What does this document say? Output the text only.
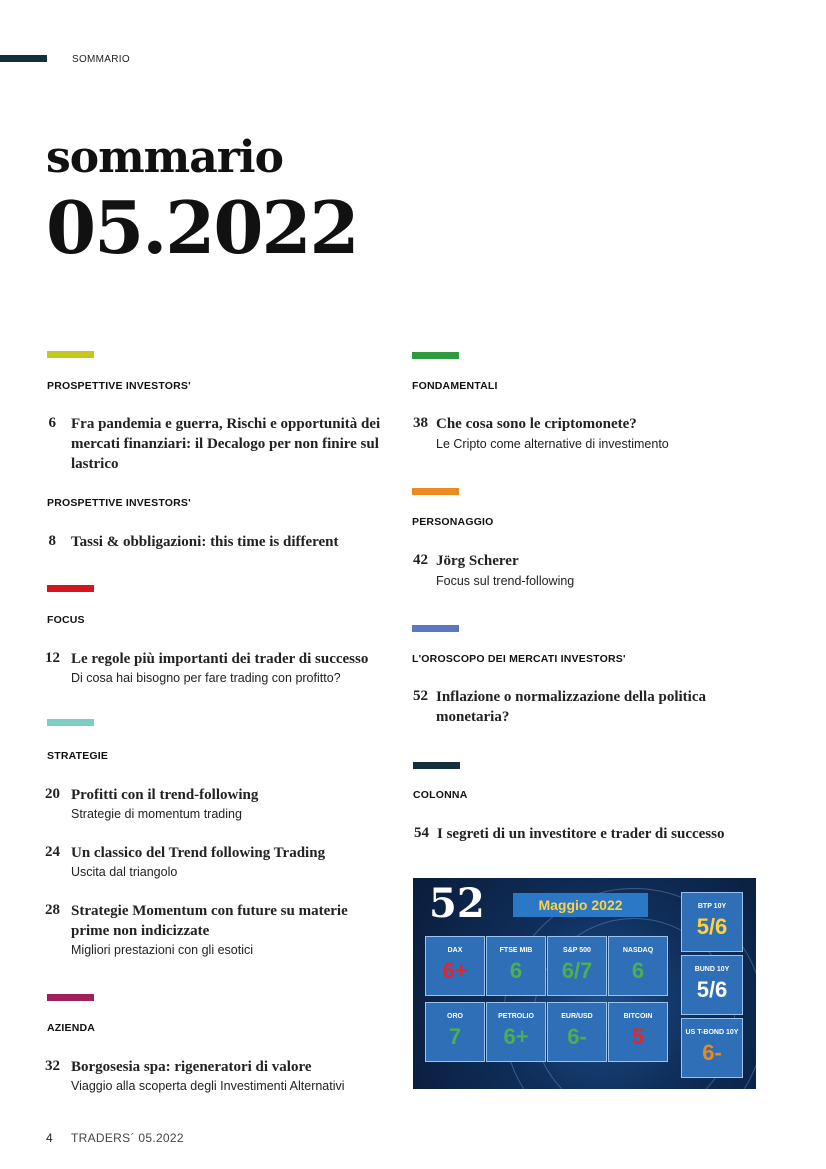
SOMMARIO
sommario
05.2022
PROSPETTIVE INVESTORS'
6 Fra pandemia e guerra, Rischi e opportunità dei
mercati finanziari: il Decalogo per non finire sul
lastrico
PROSPETTIVE INVESTORS'
8 Tassi & obbligazioni: this time is different
FOCUS
12 Le regole più importanti dei trader di successo
Di cosa hai bisogno per fare trading con profitto?
STRATEGIE
20 Profitti con il trend-following
Strategie di momentum trading
24 Un classico del Trend following Trading
Uscita dal triangolo
28 Strategie Momentum con future su materie
prime non indicizzate
Migliori prestazioni con gli esotici
AZIENDA
32 Borgosesia spa: rigeneratori di valore
Viaggio alla scoperta degli Investimenti Alternativi
FONDAMENTALI
38 Che cosa sono le criptomonete?
Le Cripto come alternative di investimento
PERSONAGGIO
42 Jörg Scherer
Focus sul trend-following
L'OROSCOPO DEI MERCATI INVESTORS'
52 Inflazione o normalizzazione della politica
monetaria?
COLONNA
54 I segreti di un investitore e trader di successo
52	Maggio 2022
DAX
6+
FTSE MIB
6
S&P 500
6/7
NASDAQ
6
ORO
7
PETROLIO
6+
EUR/USD
6-
BITCOIN
5
BTP 10Y
5/6
BUND 10Y
5/6
US T-BOND 10Y
6-
4 TRADERS´ 05.2022
